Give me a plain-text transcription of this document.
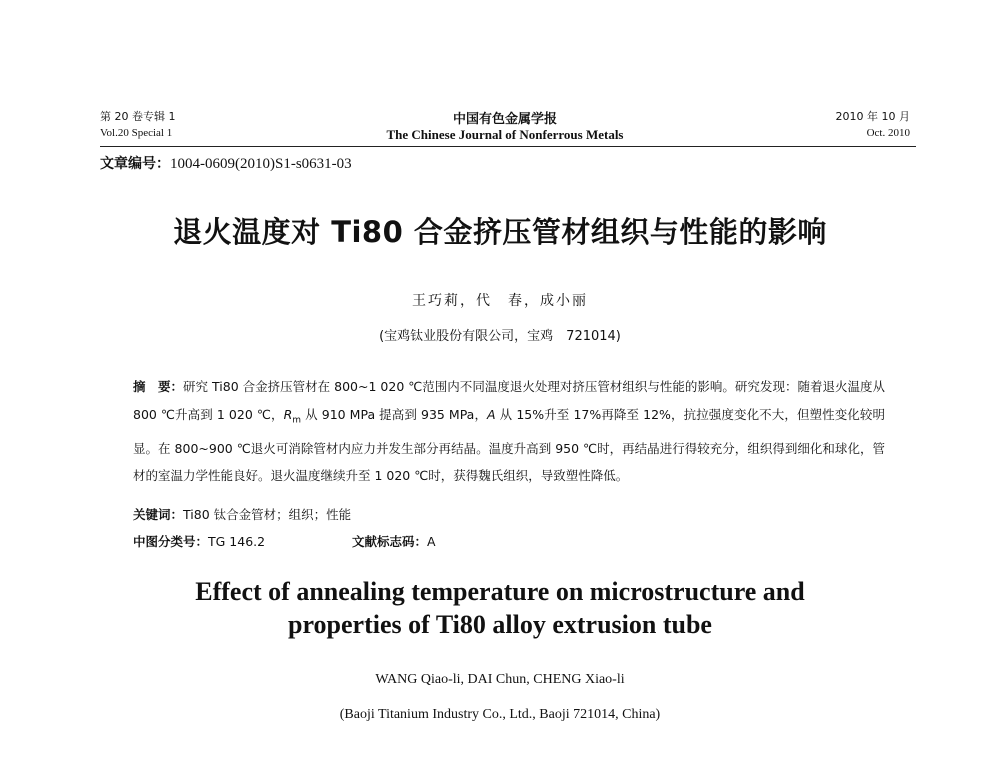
第 20 卷专辑 1	中国有色金属学报	2010 年 10 月
Vol.20 Special 1	The Chinese Journal of Nonferrous Metals	Oct. 2010
文章编号：1004-0609(2010)S1-s0631-03
退火温度对 Ti80 合金挤压管材组织与性能的影响
王巧莉，代　春，成小丽
(宝鸡钛业股份有限公司，宝鸡　721014)
摘　要：研究 Ti80 合金挤压管材在 800~1 020 ℃范围内不同温度退火处理对挤压管材组织与性能的影响。研究发现：随着退火温度从 800 ℃升高到 1 020 ℃，$R_m$ 从 910 MPa 提高到 935 MPa，A 从 15%升至 17%再降至 12%，抗拉强度变化不大，但塑性变化较明显。在 800~900 ℃退火可消除管材内应力并发生部分再结晶。温度升高到 950 ℃时，再结晶进行得较充分，组织得到细化和球化，管材的室温力学性能良好。退火温度继续升至 1 020 ℃时，获得魏氏组织，导致塑性降低。
关键词：Ti80 钛合金管材；组织；性能
中图分类号：TG 146.2	文献标志码：A
Effect of annealing temperature on microstructure and
properties of Ti80 alloy extrusion tube
WANG Qiao-li, DAI Chun, CHENG Xiao-li
(Baoji Titanium Industry Co., Ltd., Baoji 721014, China)
